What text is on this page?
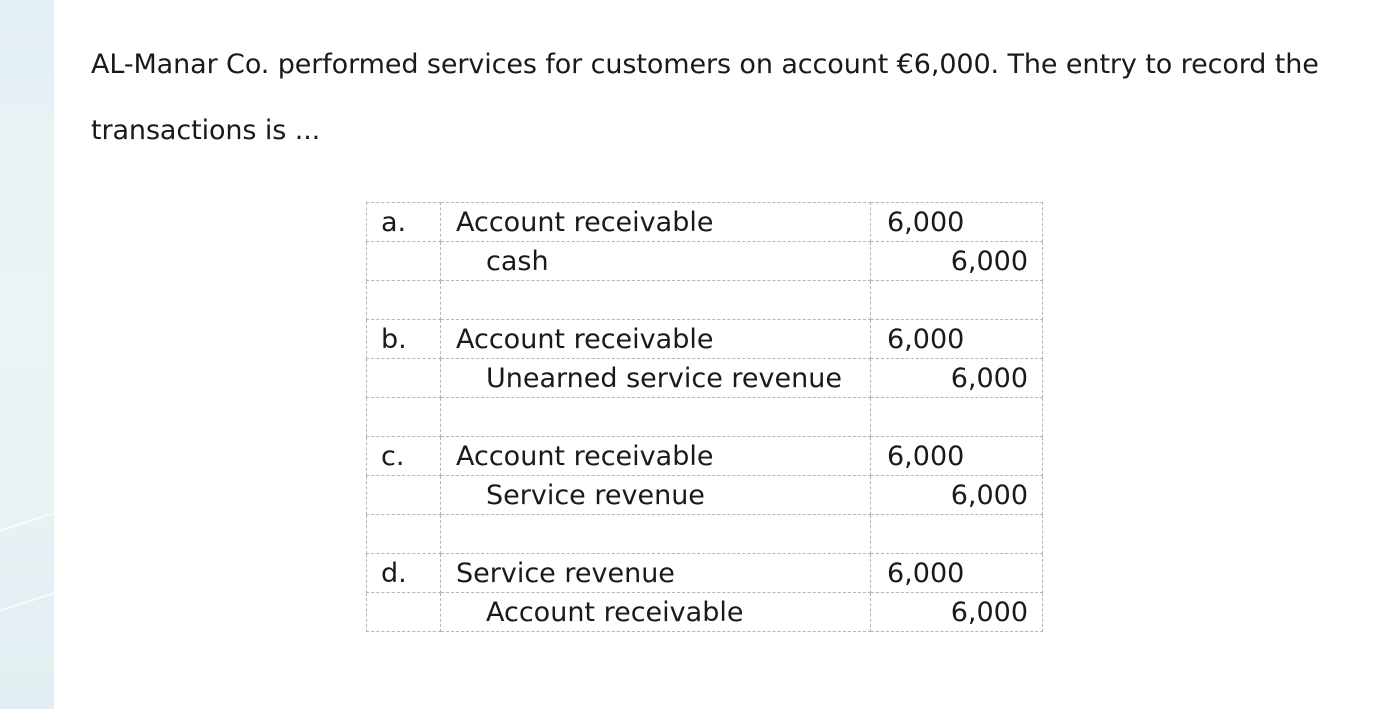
AL-Manar Co. performed services for customers on account €6,000. The entry to record the transactions is ...

a.	Account receivable	6,000
	cash	6,000

b.	Account receivable	6,000
	Unearned service revenue	6,000

c.	Account receivable	6,000
	Service revenue	6,000

d.	Service revenue	6,000
	Account receivable	6,000
